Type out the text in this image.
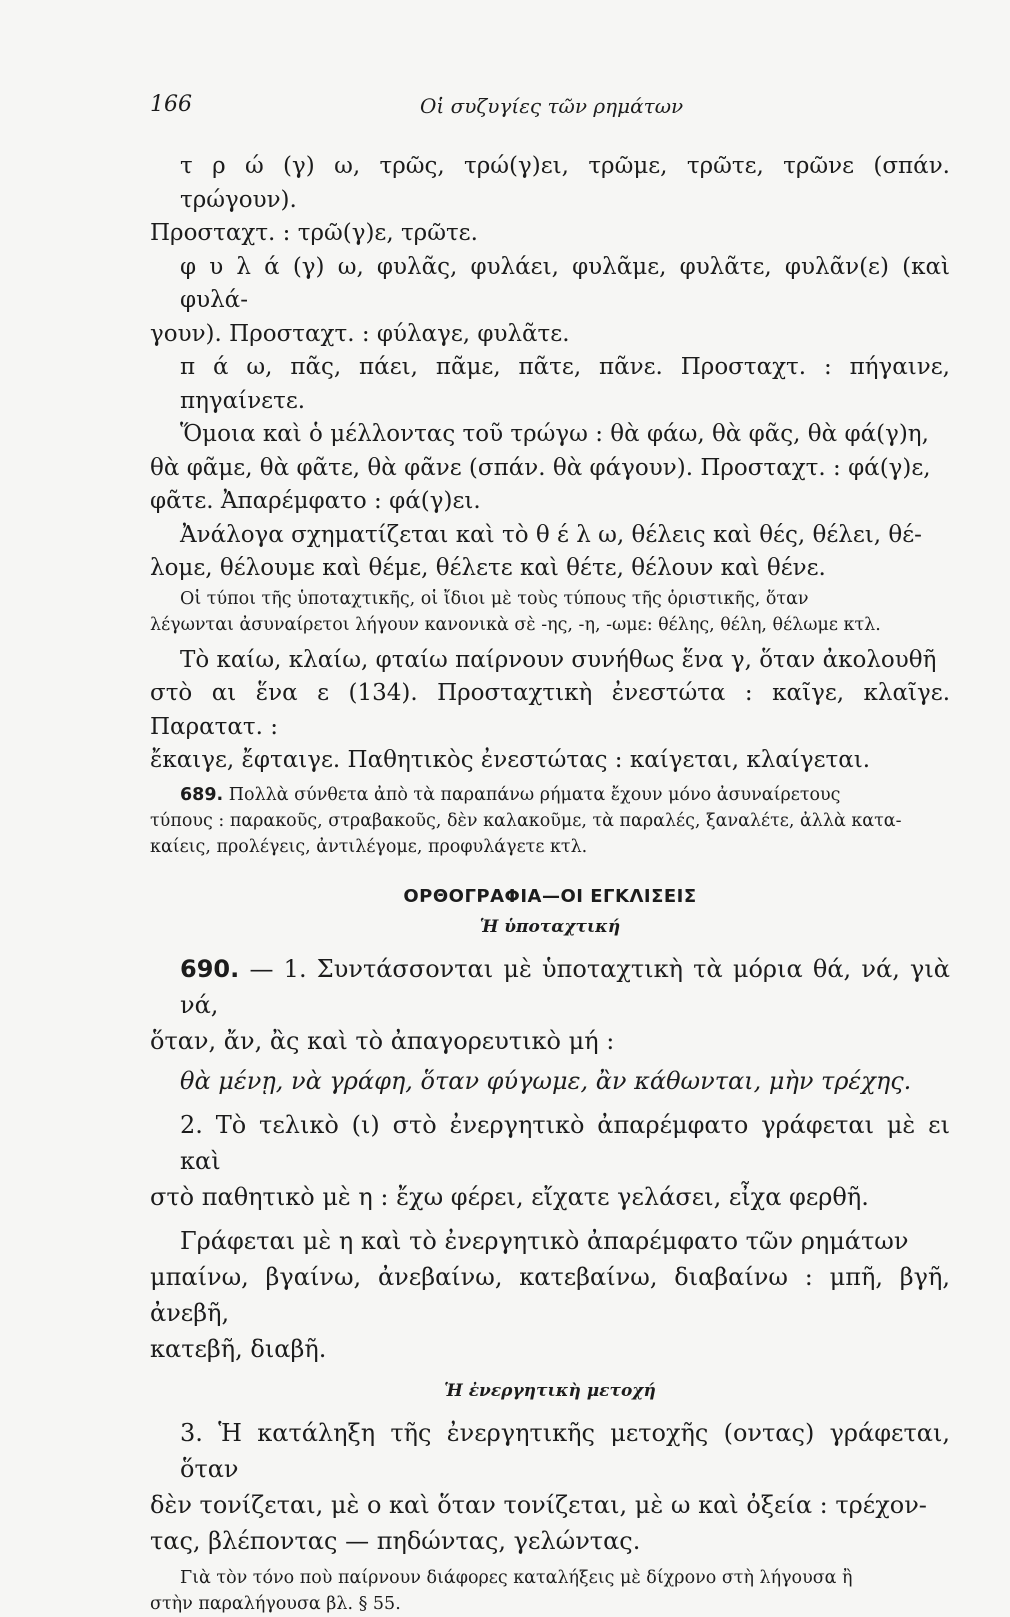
166	Οἱ συζυγίες τῶν ρημάτων

τ ρ ώ (γ) ω, τρῶς, τρώ(γ)ει, τρῶμε, τρῶτε, τρῶνε (σπάν. τρώγουν).

Προσταχτ. : τρῶ(γ)ε, τρῶτε.

φ υ λ ά (γ) ω, φυλᾶς, φυλάει, φυλᾶμε, φυλᾶτε, φυλᾶν(ε) (καὶ φυλά-

γουν). Προσταχτ. : φύλαγε, φυλᾶτε.

π ά ω, πᾶς, πάει, πᾶμε, πᾶτε, πᾶνε. Προσταχτ. : πήγαινε, πηγαίνετε.

Ὅμοια καὶ ὁ μέλλοντας τοῦ τρώγω : θὰ φάω, θὰ φᾶς, θὰ φά(γ)η,

θὰ φᾶμε, θὰ φᾶτε, θὰ φᾶνε (σπάν. θὰ φάγουν). Προσταχτ. : φά(γ)ε,

φᾶτε. Ἀπαρέμφατο : φά(γ)ει.

Ἀνάλογα σχηματίζεται καὶ τὸ θ έ λ ω, θέλεις καὶ θές, θέλει, θέ-

λομε, θέλουμε καὶ θέμε, θέλετε καὶ θέτε, θέλουν καὶ θένε.

Οἱ τύποι τῆς ὑποταχτικῆς, οἱ ἴδιοι μὲ τοὺς τύπους τῆς ὁριστικῆς, ὅταν

λέγωνται ἀσυναίρετοι λήγουν κανονικὰ σὲ -ης, -η, -ωμε: θέλης, θέλη, θέλωμε κτλ.

Τὸ καίω, κλαίω, φταίω παίρνουν συνήθως ἕνα γ, ὅταν ἀκολουθῆ

στὸ αι ἕνα ε (134). Προσταχτικὴ ἐνεστώτα : καῖγε, κλαῖγε. Παρατατ. :

ἔκαιγε, ἔφταιγε. Παθητικὸς ἐνεστώτας : καίγεται, κλαίγεται.

689. Πολλὰ σύνθετα ἀπὸ τὰ παραπάνω ρήματα ἔχουν μόνο ἀσυναίρετους

τύπους : παρακοῦς, στραβακοῦς, δὲν καλακοῦμε, τὰ παραλές, ξαναλέτε, ἀλλὰ κατα-

καίεις, προλέγεις, ἀντιλέγομε, προφυλάγετε κτλ.

ΟΡΘΟΓΡΑΦΙΑ—ΟΙ ΕΓΚΛΙΣΕΙΣ

Ἡ ὑποταχτική

690. — 1. Συντάσσονται μὲ ὑποταχτικὴ τὰ μόρια θά, νά, γιὰ νά,

ὅταν, ἄν, ἂς καὶ τὸ ἀπαγορευτικὸ μή :

θὰ μένῃ, νὰ γράφη, ὅταν φύγωμε, ἂν κάθωνται, μὴν τρέχης.

2. Τὸ τελικὸ (ι) στὸ ἐνεργητικὸ ἀπαρέμφατο γράφεται μὲ ει καὶ

στὸ παθητικὸ μὲ η : ἔχω φέρει, εἴχατε γελάσει, εἶχα φερθῆ.

Γράφεται μὲ η καὶ τὸ ἐνεργητικὸ ἀπαρέμφατο τῶν ρημάτων

μπαίνω, βγαίνω, ἀνεβαίνω, κατεβαίνω, διαβαίνω : μπῆ, βγῆ, ἀνεβῆ,

κατεβῆ, διαβῆ.

Ἡ ἐνεργητικὴ μετοχή

3. Ἡ κατάληξη τῆς ἐνεργητικῆς μετοχῆς (οντας) γράφεται, ὅταν

δὲν τονίζεται, μὲ ο καὶ ὅταν τονίζεται, μὲ ω καὶ ὀξεία : τρέχον-

τας, βλέποντας — πηδώντας, γελώντας.

Γιὰ τὸν τόνο ποὺ παίρνουν διάφορες καταλήξεις μὲ δίχρονο στὴ λήγουσα ἢ

στὴν παραλήγουσα βλ. § 55.
